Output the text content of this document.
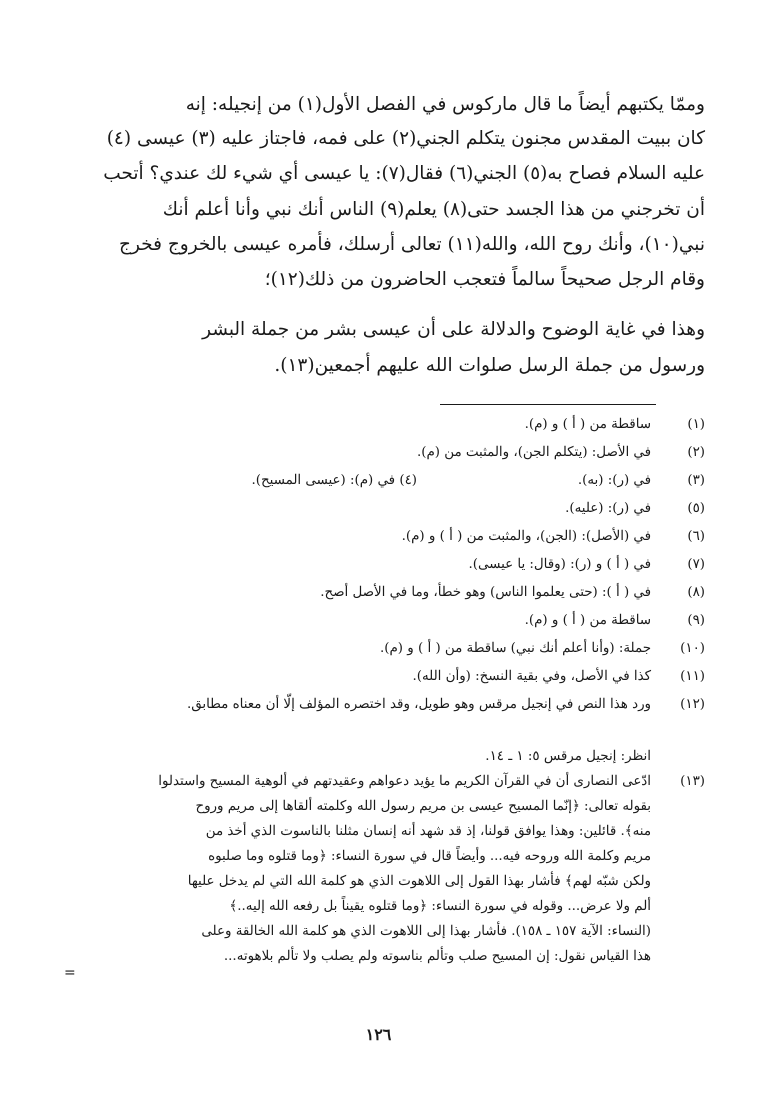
وممّا يكتبهم أيضاً ما قال ماركوس في الفصل الأول(١) من إنجيله: إنه
كان ببيت المقدس مجنون يتكلم الجني(٢) على فمه، فاجتاز عليه (٣) عيسى (٤)
عليه السلام فصاح به(٥) الجني(٦) فقال(٧): يا عيسى أي شيء لك عندي؟ أتحب
أن تخرجني من هذا الجسد حتى(٨) يعلم(٩) الناس أنك نبي وأنا أعلم أنك
نبي(١٠)، وأنك روح الله، والله(١١) تعالى أرسلك، فأمره عيسى بالخروج فخرج
وقام الرجل صحيحاً سالماً فتعجب الحاضرون من ذلك(١٢)؛
وهذا في غاية الوضوح والدلالة على أن عيسى بشر من جملة البشر
ورسول من جملة الرسل صلوات الله عليهم أجمعين(١٣).
(١)
ساقطة من ( أ ) و (م).
(٢)
في الأصل: (يتكلم الجن)، والمثبت من (م).
(٣)
في (ر): (به).
(٤) في (م): (عيسى المسيح).
(٥)
في (ر): (عليه).
(٦)
في (الأصل): (الجن)، والمثبت من ( أ ) و (م).
(٧)
في ( أ ) و (ر): (وقال: يا عيسى).
(٨)
في ( أ ): (حتى يعلموا الناس) وهو خطأ، وما في الأصل أصح.
(٩)
ساقطة من ( أ ) و (م).
(١٠)
جملة: (وأنا أعلم أنك نبي) ساقطة من ( أ ) و (م).
(١١)
كذا في الأصل، وفي بقية النسخ: (وأن الله).
(١٢)
ورد هذا النص في إنجيل مرقس وهو طويل، وقد اختصره المؤلف إلّا أن معناه مطابق.
انظر: إنجيل مرقس ٥: ١ ـ ١٤.
(١٣)
ادّعى النصارى أن في القرآن الكريم ما يؤيد دعواهم وعقيدتهم في ألوهية المسيح واستدلوا
بقوله تعالى: ﴿إنّما المسيح عيسى بن مريم رسول الله وكلمته ألقاها إلى مريم وروح
منه﴾. قائلين: وهذا يوافق قولنا، إذ قد شهد أنه إنسان مثلنا بالناسوت الذي أخذ من
مريم وكلمة الله وروحه فيه... وأيضاً قال في سورة النساء: ﴿وما قتلوه وما صلبوه
ولكن شبّه لهم﴾ فأشار بهذا القول إلى اللاهوت الذي هو كلمة الله التي لم يدخل عليها
ألم ولا عرض... وقوله في سورة النساء: ﴿وما قتلوه يقيناً بل رفعه الله إليه..﴾
(النساء: الآية ١٥٧ ـ ١٥٨). فأشار بهذا إلى اللاهوت الذي هو كلمة الله الخالقة وعلى
هذا القياس نقول: إن المسيح صلب وتألم بناسوته ولم يصلب ولا تألم بلاهوته...
=
١٢٦
